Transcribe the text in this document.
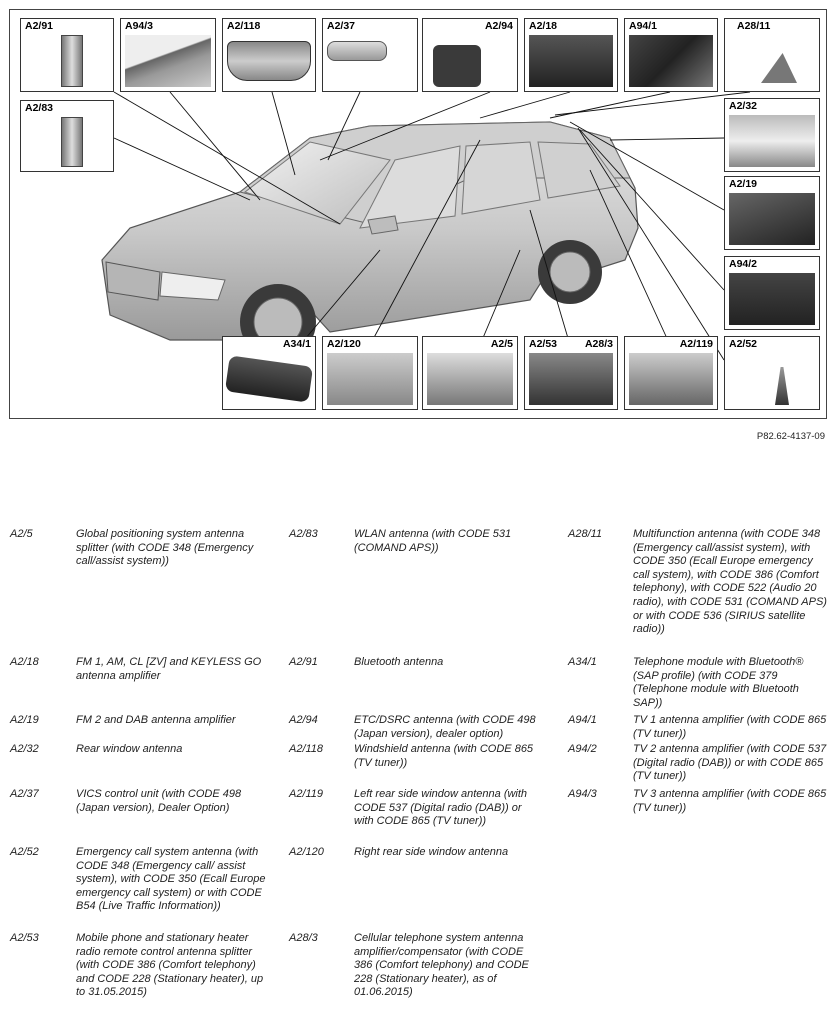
A2/91	A94/3	A2/118	A2/37	A2/94 A2/18	A94/1	A28/11
A2/83	A2/32
A2/19
A94/2
A2/52
A34/1 A2/120	A2/5 A2/53	A28/3	A2/119
P82.62-4137-09
A2/5	Global positioning system antenna splitter (with CODE 348 (Emergency call/assist system))
A2/18	FM 1, AM, CL [ZV] and KEYLESS GO antenna amplifier
A2/19	FM 2 and DAB antenna amplifier
A2/32	Rear window antenna
A2/37	VICS control unit (with CODE 498 (Japan version), Dealer Option)
A2/52	Emergency call system antenna (with CODE 348 (Emergency call/ assist system), with CODE 350 (Ecall Europe emergency call system) or with CODE B54 (Live Traffic Information))
A2/53	Mobile phone and stationary heater radio remote control antenna splitter (with CODE 386 (Comfort telephony) and CODE 228 (Stationary heater), up to 31.05.2015)
A2/83	WLAN antenna (with CODE 531 (COMAND APS))
A2/91	Bluetooth antenna
A2/94	ETC/DSRC antenna (with CODE 498 (Japan version), dealer option)
A2/118	Windshield antenna (with CODE 865 (TV tuner))
A2/119	Left rear side window antenna (with CODE 537 (Digital radio (DAB)) or with CODE 865 (TV tuner))
A2/120	Right rear side window antenna
A28/3	Cellular telephone system antenna amplifier/compensator (with CODE 386 (Comfort telephony) and CODE 228 (Stationary heater), as of 01.06.2015)
A28/11	Multifunction antenna (with CODE 348 (Emergency call/assist system), with CODE 350 (Ecall Europe emergency call system), with CODE 386 (Comfort telephony), with CODE 522 (Audio 20 radio), with CODE 531 (COMAND APS) or with CODE 536 (SIRIUS satellite radio))
A34/1	Telephone module with Bluetooth® (SAP profile) (with CODE 379 (Telephone module with Bluetooth SAP))
A94/1	TV 1 antenna amplifier (with CODE 865 (TV tuner))
A94/2	TV 2 antenna amplifier (with CODE 537 (Digital radio (DAB)) or with CODE 865 (TV tuner))
A94/3	TV 3 antenna amplifier (with CODE 865 (TV tuner))
